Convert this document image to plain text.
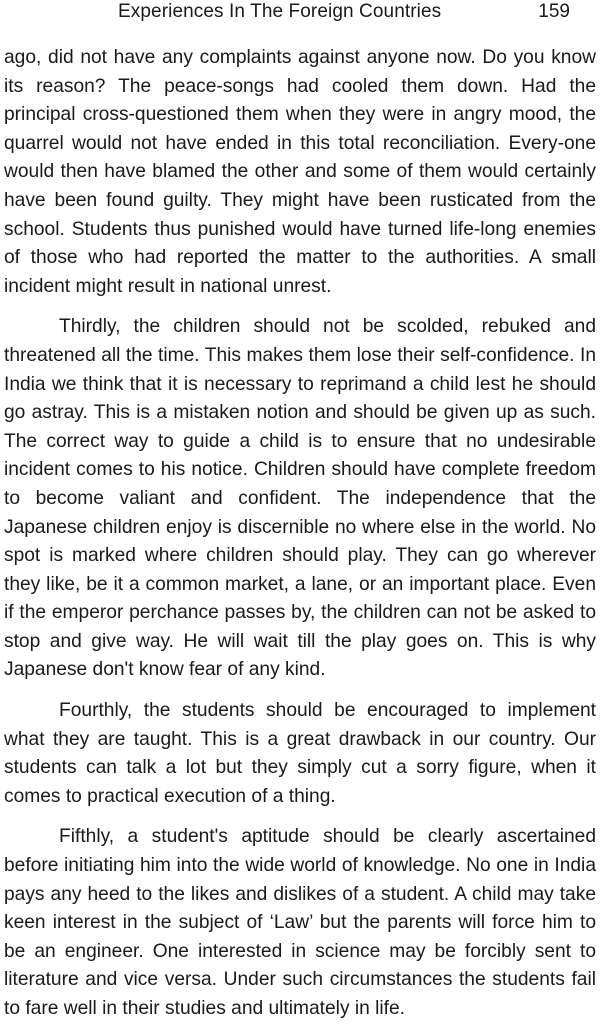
Experiences In The Foreign Countries	159

ago, did not have any complaints against anyone now. Do you know its reason? The peace-songs had cooled them down. Had the principal cross-questioned them when they were in angry mood, the quarrel would not have ended in this total reconciliation. Every-one would then have blamed the other and some of them would certainly have been found guilty. They might have been rusticated from the school. Students thus punished would have turned life-long enemies of those who had reported the matter to the authorities. A small incident might result in national unrest.

Thirdly, the children should not be scolded, rebuked and threatened all the time. This makes them lose their self-confidence. In India we think that it is necessary to reprimand a child lest he should go astray. This is a mistaken notion and should be given up as such. The correct way to guide a child is to ensure that no undesirable incident comes to his notice. Children should have complete freedom to become valiant and confident. The independence that the Japanese children enjoy is discernible no where else in the world. No spot is marked where children should play. They can go wherever they like, be it a common market, a lane, or an important place. Even if the emperor perchance passes by, the children can not be asked to stop and give way. He will wait till the play goes on. This is why Japanese don't know fear of any kind.

Fourthly, the students should be encouraged to implement what they are taught. This is a great drawback in our country. Our students can talk a lot but they simply cut a sorry figure, when it comes to practical execution of a thing.

Fifthly, a student's aptitude should be clearly ascertained before initiating him into the wide world of knowledge. No one in India pays any heed to the likes and dislikes of a student. A child may take keen interest in the subject of ‘Law’ but the parents will force him to be an engineer. One interested in science may be forcibly sent to literature and vice versa. Under such circumstances the students fail to fare well in their studies and ultimately in life.
